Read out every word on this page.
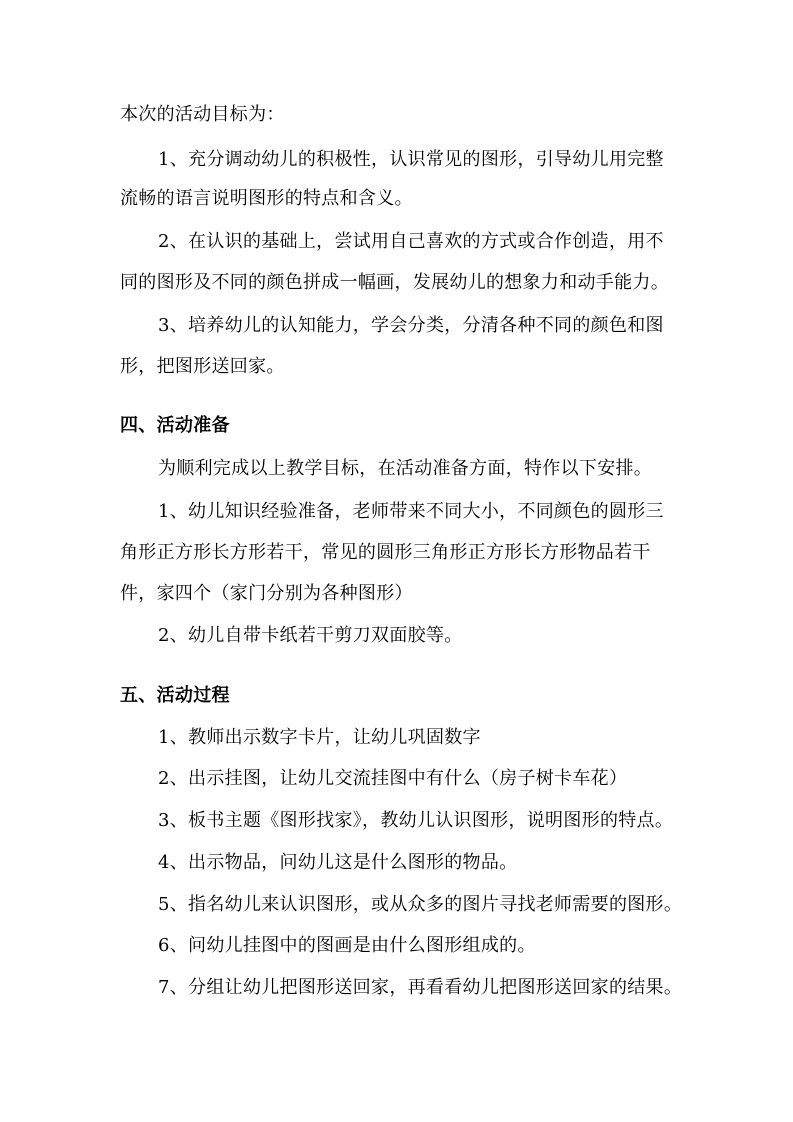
本次的活动目标为：
1、充分调动幼儿的积极性，认识常见的图形，引导幼儿用完整
流畅的语言说明图形的特点和含义。
2、在认识的基础上，尝试用自己喜欢的方式或合作创造，用不
同的图形及不同的颜色拼成一幅画，发展幼儿的想象力和动手能力。
3、培养幼儿的认知能力，学会分类，分清各种不同的颜色和图
形，把图形送回家。
四、活动准备
为顺利完成以上教学目标，在活动准备方面，特作以下安排。
1、幼儿知识经验准备，老师带来不同大小，不同颜色的圆形三
角形正方形长方形若干，常见的圆形三角形正方形长方形物品若干
件，家四个（家门分别为各种图形）
2、幼儿自带卡纸若干剪刀双面胶等。
五、活动过程
1、教师出示数字卡片，让幼儿巩固数字
2、出示挂图，让幼儿交流挂图中有什么（房子树卡车花）
3、板书主题《图形找家》，教幼儿认识图形，说明图形的特点。
4、出示物品，问幼儿这是什么图形的物品。
5、指名幼儿来认识图形，或从众多的图片寻找老师需要的图形。
6、问幼儿挂图中的图画是由什么图形组成的。
7、分组让幼儿把图形送回家，再看看幼儿把图形送回家的结果。
